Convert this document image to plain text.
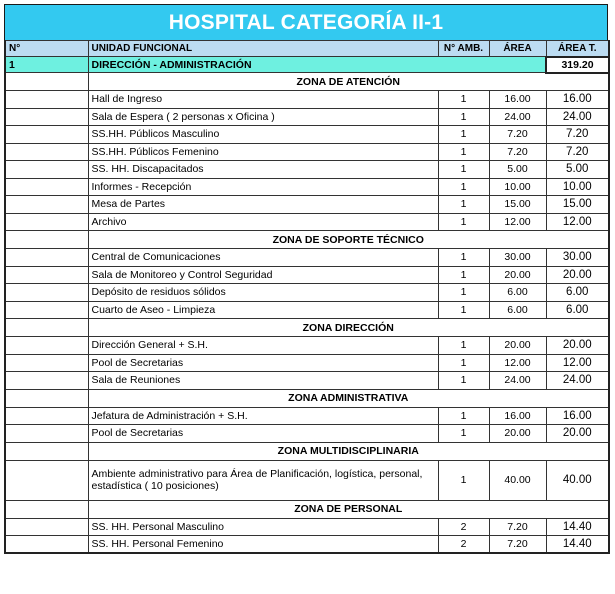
HOSPITAL CATEGORÍA II-1
N°	UNIDAD FUNCIONAL	N° AMB.	ÁREA	ÁREA T.
1	DIRECCIÓN - ADMINISTRACIÓN			319.20
	ZONA DE ATENCIÓN			
	Hall de Ingreso	1	16.00	16.00
	Sala de Espera ( 2 personas x Oficina )	1	24.00	24.00
	SS.HH. Públicos Masculino	1	7.20	7.20
	SS.HH. Públicos Femenino	1	7.20	7.20
	SS. HH. Discapacitados	1	5.00	5.00
	Informes - Recepción	1	10.00	10.00
	Mesa de Partes	1	15.00	15.00
	Archivo	1	12.00	12.00
	ZONA DE SOPORTE TÉCNICO			
	Central de Comunicaciones	1	30.00	30.00
	Sala de Monitoreo y Control Seguridad	1	20.00	20.00
	Depósito de residuos sólidos	1	6.00	6.00
	Cuarto de Aseo - Limpieza	1	6.00	6.00
	ZONA DIRECCIÓN			
	Dirección General + S.H.	1	20.00	20.00
	Pool de Secretarias	1	12.00	12.00
	Sala de Reuniones	1	24.00	24.00
	ZONA ADMINISTRATIVA			
	Jefatura de Administración + S.H.	1	16.00	16.00
	Pool de Secretarias	1	20.00	20.00
	ZONA MULTIDISCIPLINARIA			
	Ambiente administrativo para Área de Planificación, logística, personal, estadística ( 10 posiciones)	1	40.00	40.00
	ZONA DE PERSONAL			
	SS. HH. Personal Masculino	2	7.20	14.40
	SS. HH. Personal Femenino	2	7.20	14.40
